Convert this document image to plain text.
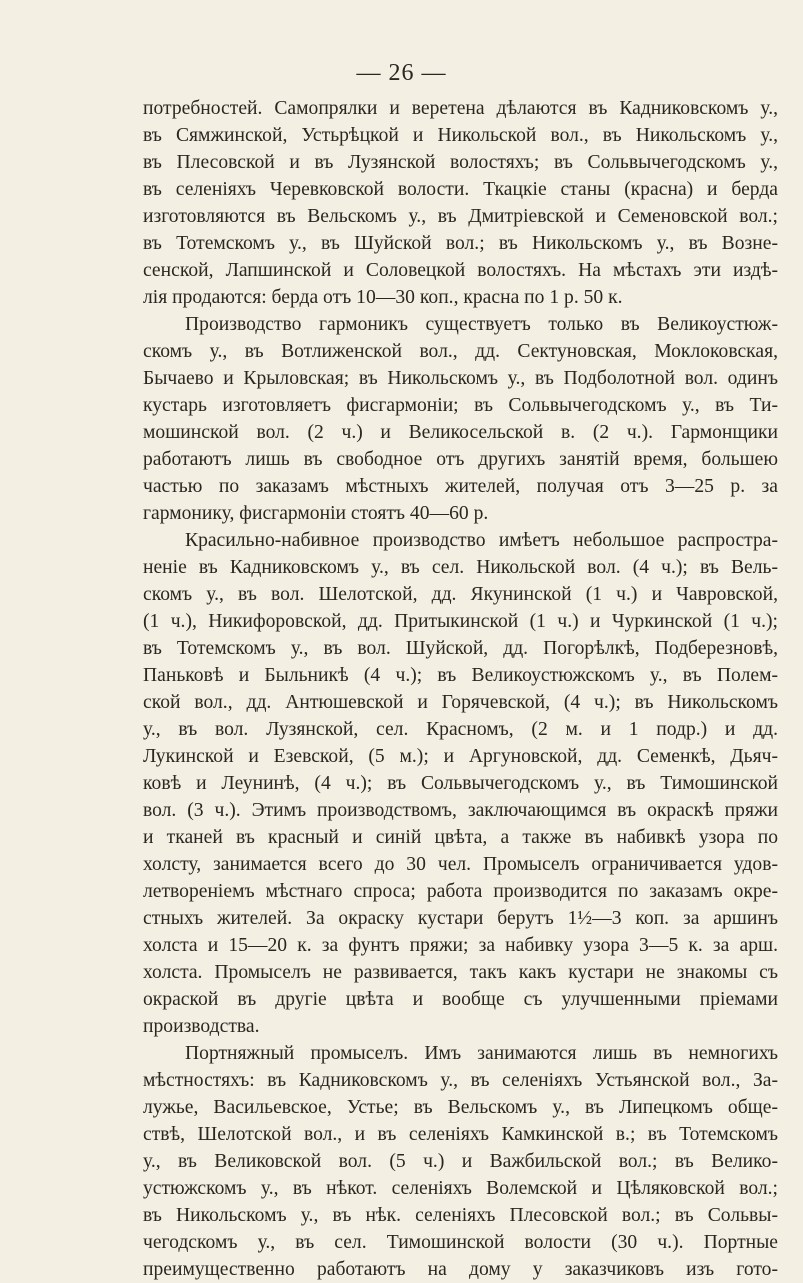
— 26 —
потребностей. Самопрялки и веретена дѣлаются въ Кадниковскомъ у.,
въ Сямжинской, Устьрѣцкой и Никольской вол., въ Никольскомъ у.,
въ Плесовской и въ Лузянской волостяхъ; въ Сольвычегодскомъ у.,
въ селеніяхъ Черевковской волости. Ткацкіе станы (красна) и берда
изготовляются въ Вельскомъ у., въ Дмитріевской и Семеновской вол.;
въ Тотемскомъ у., въ Шуйской вол.; въ Никольскомъ у., въ Возне-
сенской, Лапшинской и Соловецкой волостяхъ. На мѣстахъ эти издѣ-
лія продаются: берда отъ 10—30 коп., красна по 1 р. 50 к.
Производство гармоникъ существуетъ только въ Великоустюж-
скомъ у., въ Вотлиженской вол., дд. Сектуновская, Моклоковская,
Бычаево и Крыловская; въ Никольскомъ у., въ Подболотной вол. одинъ
кустарь изготовляетъ фисгармоніи; въ Сольвычегодскомъ у., въ Ти-
мошинской вол. (2 ч.) и Великосельской в. (2 ч.). Гармонщики
работаютъ лишь въ свободное отъ другихъ занятій время, большею
частью по заказамъ мѣстныхъ жителей, получая отъ 3—25 р. за
гармонику, фисгармоніи стоятъ 40—60 р.
Красильно-набивное производство имѣетъ небольшое распростра-
неніе въ Кадниковскомъ у., въ сел. Никольской вол. (4 ч.); въ Вель-
скомъ у., въ вол. Шелотской, дд. Якунинской (1 ч.) и Чавровской,
(1 ч.), Никифоровской, дд. Притыкинской (1 ч.) и Чуркинской (1 ч.);
въ Тотемскомъ у., въ вол. Шуйской, дд. Погорѣлкѣ, Подберезновѣ,
Паньковѣ и Быльникѣ (4 ч.); въ Великоустюжскомъ у., въ Полем-
ской вол., дд. Антюшевской и Горячевской, (4 ч.); въ Никольскомъ
у., въ вол. Лузянской, сел. Красномъ, (2 м. и 1 подр.) и дд.
Лукинской и Езевской, (5 м.); и Аргуновской, дд. Семенкѣ, Дьяч-
ковѣ и Леунинѣ, (4 ч.); въ Сольвычегодскомъ у., въ Тимошинской
вол. (3 ч.). Этимъ производствомъ, заключающимся въ окраскѣ пряжи
и тканей въ красный и синій цвѣта, а также въ набивкѣ узора по
холсту, занимается всего до 30 чел. Промыселъ ограничивается удов-
летвореніемъ мѣстнаго спроса; работа производится по заказамъ окре-
стныхъ жителей. За окраску кустари берутъ 1½—3 коп. за аршинъ
холста и 15—20 к. за фунтъ пряжи; за набивку узора 3—5 к. за арш.
холста. Промыселъ не развивается, такъ какъ кустари не знакомы съ
окраской въ другіе цвѣта и вообще съ улучшенными пріемами
производства.
Портняжный промыселъ. Имъ занимаются лишь въ немногихъ
мѣстностяхъ: въ Кадниковскомъ у., въ селеніяхъ Устьянской вол., За-
лужье, Васильевское, Устье; въ Вельскомъ у., въ Липецкомъ обще-
ствѣ, Шелотской вол., и въ селеніяхъ Камкинской в.; въ Тотемскомъ
у., въ Великовской вол. (5 ч.) и Важбильской вол.; въ Велико-
устюжскомъ у., въ нѣкот. селеніяхъ Волемской и Цѣляковской вол.;
въ Никольскомъ у., въ нѣк. селеніяхъ Плесовской вол.; въ Сольвы-
чегодскомъ у., въ сел. Тимошинской волости (30 ч.). Портные
преимущественно работаютъ на дому у заказчиковъ изъ гото-
